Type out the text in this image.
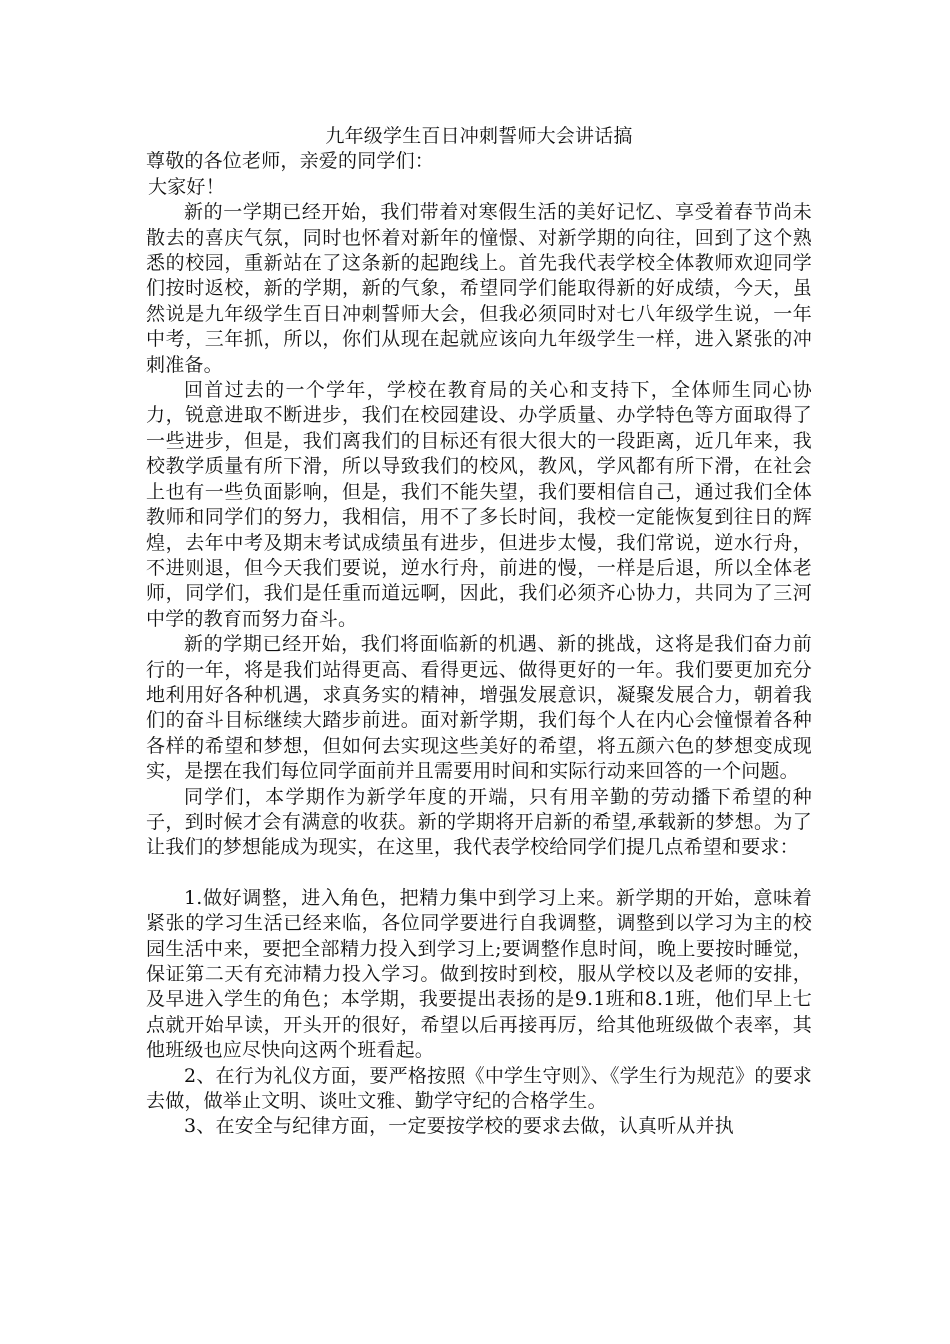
九年级学生百日冲刺誓师大会讲话搞

尊敬的各位老师，亲爱的同学们：

大家好！

新的一学期已经开始，我们带着对寒假生活的美好记忆、享受着春节尚未散去的喜庆气氛，同时也怀着对新年的憧憬、对新学期的向往，回到了这个熟悉的校园，重新站在了这条新的起跑线上。首先我代表学校全体教师欢迎同学们按时返校，新的学期，新的气象，希望同学们能取得新的好成绩，今天，虽然说是九年级学生百日冲刺誓师大会，但我必须同时对七八年级学生说，一年中考，三年抓，所以，你们从现在起就应该向九年级学生一样，进入紧张的冲刺准备。

回首过去的一个学年，学校在教育局的关心和支持下，全体师生同心协力，锐意进取不断进步，我们在校园建设、办学质量、办学特色等方面取得了一些进步，但是，我们离我们的目标还有很大很大的一段距离，近几年来，我校教学质量有所下滑，所以导致我们的校风，教风，学风都有所下滑，在社会上也有一些负面影响，但是，我们不能失望，我们要相信自己，通过我们全体教师和同学们的努力，我相信，用不了多长时间，我校一定能恢复到往日的辉煌，去年中考及期末考试成绩虽有进步，但进步太慢，我们常说，逆水行舟，不进则退，但今天我们要说，逆水行舟，前进的慢，一样是后退，所以全体老师，同学们，我们是任重而道远啊，因此，我们必须齐心协力，共同为了三河中学的教育而努力奋斗。

新的学期已经开始，我们将面临新的机遇、新的挑战，这将是我们奋力前行的一年，将是我们站得更高、看得更远、做得更好的一年。我们要更加充分地利用好各种机遇，求真务实的精神，增强发展意识，凝聚发展合力，朝着我们的奋斗目标继续大踏步前进。面对新学期，我们每个人在内心会憧憬着各种各样的希望和梦想，但如何去实现这些美好的希望，将五颜六色的梦想变成现实，是摆在我们每位同学面前并且需要用时间和实际行动来回答的一个问题。

同学们，本学期作为新学年度的开端，只有用辛勤的劳动播下希望的种子，到时候才会有满意的收获。新的学期将开启新的希望,承载新的梦想。为了让我们的梦想能成为现实，在这里，我代表学校给同学们提几点希望和要求：

1.做好调整，进入角色，把精力集中到学习上来。新学期的开始，意味着紧张的学习生活已经来临，各位同学要进行自我调整，调整到以学习为主的校园生活中来，要把全部精力投入到学习上;要调整作息时间，晚上要按时睡觉，保证第二天有充沛精力投入学习。做到按时到校，服从学校以及老师的安排，及早进入学生的角色；本学期，我要提出表扬的是9.1班和8.1班，他们早上七点就开始早读，开头开的很好，希望以后再接再厉，给其他班级做个表率，其他班级也应尽快向这两个班看起。

2、在行为礼仪方面，要严格按照《中学生守则》、《学生行为规范》的要求去做，做举止文明、谈吐文雅、勤学守纪的合格学生。

3、在安全与纪律方面，一定要按学校的要求去做，认真听从并执
